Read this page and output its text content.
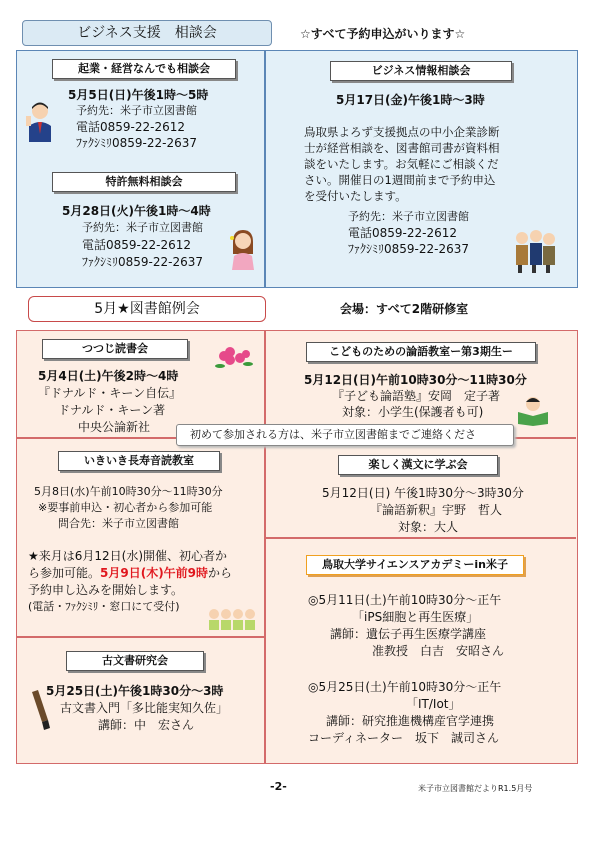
ビジネス支援　相談会	☆すべて予約申込がいります☆
起業・経営なんでも相談会
5月5日(日)午後1時～5時
予約先：米子市立図書館
電話0859-22-2612
ﾌｧｸｼﾐﾘ0859-22-2637
特許無料相談会
5月28日(火)午後1時～4時
予約先：米子市立図書館
電話0859-22-2612
ﾌｧｸｼﾐﾘ0859-22-2637
ビジネス情報相談会
5月17日(金)午後1時～3時
鳥取県よろず支援拠点の中小企業診断
士が経営相談を、図書館司書が資料相
談をいたします。お気軽にご相談くだ
さい。開催日の1週間前まで予約申込
を受付いたします。
予約先：米子市立図書館
電話0859-22-2612
ﾌｧｸｼﾐﾘ0859-22-2637
5月★図書館例会	会場：すべて2階研修室
つつじ読書会
5月4日(土)午後2時～4時
『ドナルド・キーン自伝』
ドナルド・キーン著
中央公論新社
こどものための論語教室ー第3期生ー
5月12日(日)午前10時30分～11時30分
『子ども論語塾』安岡　定子著
対象：小学生(保護者も可)
初めて参加される方は、米子市立図書館までご連絡くださ
いきいき長寿音読教室
5月8日(水)午前10時30分～11時30分
※要事前申込・初心者から参加可能
問合先：米子市立図書館
★来月は6月12日(水)開催、初心者か
ら参加可能。5月9日(木)午前9時から
予約申し込みを開始します。
(電話・ﾌｧｸｼﾐﾘ・窓口にて受付)
楽しく漢文に学ぶ会
5月12日(日) 午後1時30分～3時30分
『論語新釈』宇野　哲人
対象：大人
古文書研究会
5月25日(土)午後1時30分～3時
古文書入門「多比能実知久佐」
講師：中　宏さん
鳥取大学サイエンスアカデミーin米子
◎5月11日(土)午前10時30分～正午
「iPS細胞と再生医療」
講師：遺伝子再生医療学講座
准教授　白吉　安昭さん
◎5月25日(土)午前10時30分～正午
「IT/Iot」
講師：研究推進機構産官学連携
コーディネーター　坂下　誠司さん
-2-	米子市立図書館だよりR1.5月号
